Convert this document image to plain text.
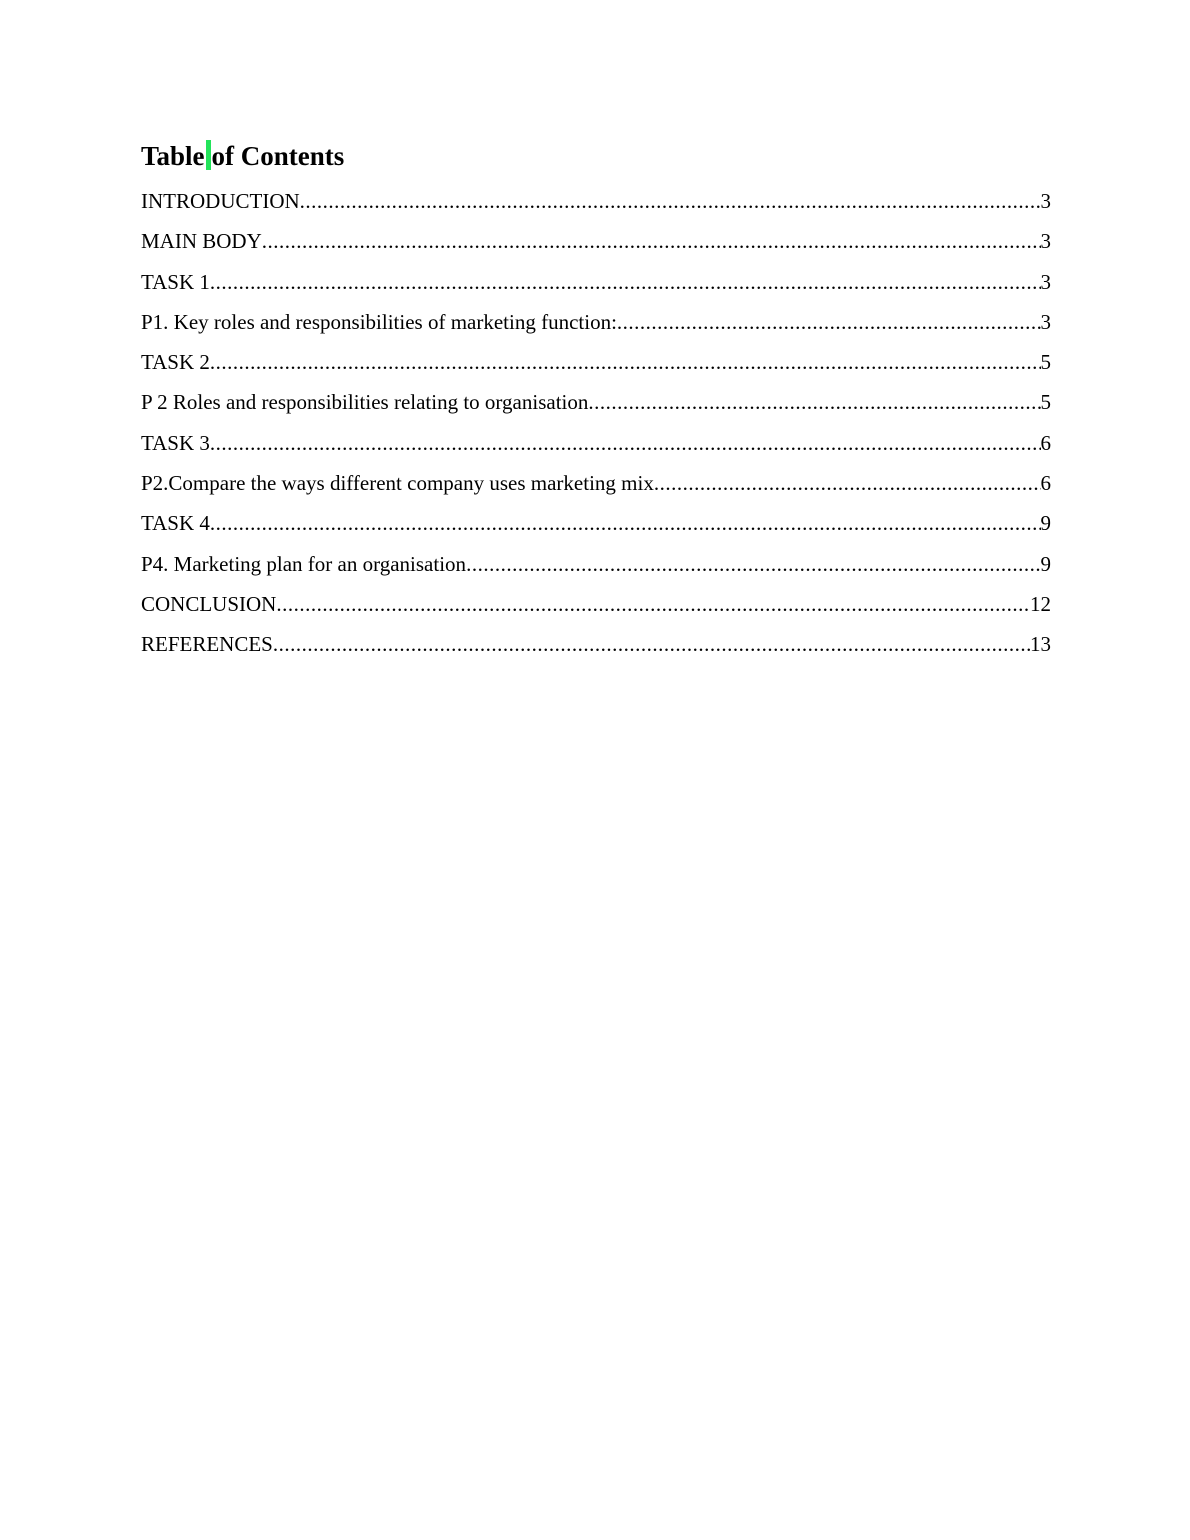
Table of Contents
INTRODUCTION .....	3
MAIN BODY .....	3
TASK 1 .....	3
P1. Key roles and responsibilities of marketing function: .....	3
TASK 2 .....	5
P 2 Roles and responsibilities relating to organisation .....	5
TASK 3 .....	6
P2.Compare the ways different company uses marketing mix .....	6
TASK 4 .....	9
P4. Marketing plan for an organisation .....	9
CONCLUSION .....	12
REFERENCES .....	13
